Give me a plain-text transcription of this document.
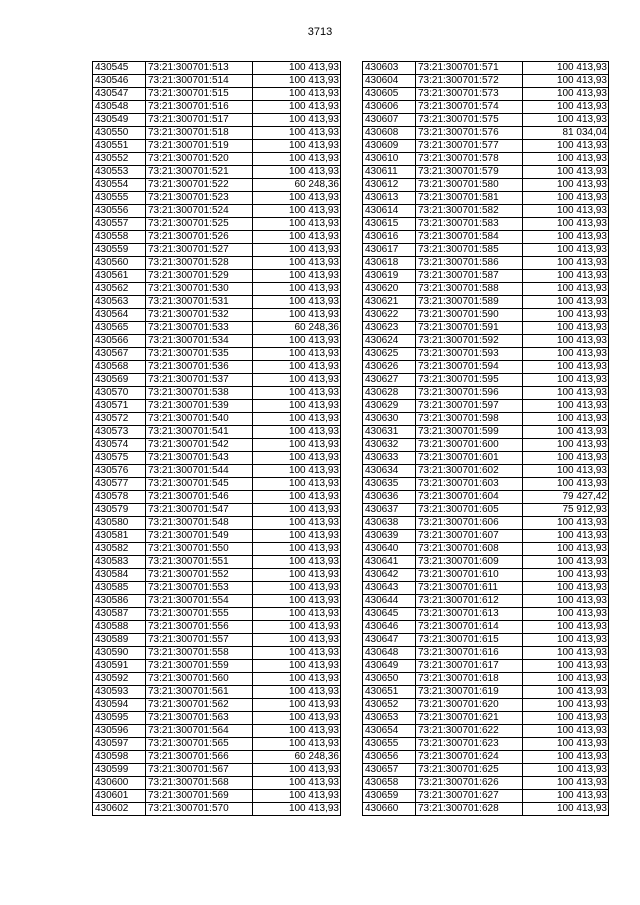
3713
430545	73:21:300701:513	100 413,93
430546	73:21:300701:514	100 413,93
430547	73:21:300701:515	100 413,93
430548	73:21:300701:516	100 413,93
430549	73:21:300701:517	100 413,93
430550	73:21:300701:518	100 413,93
430551	73:21:300701:519	100 413,93
430552	73:21:300701:520	100 413,93
430553	73:21:300701:521	100 413,93
430554	73:21:300701:522	60 248,36
430555	73:21:300701:523	100 413,93
430556	73:21:300701:524	100 413,93
430557	73:21:300701:525	100 413,93
430558	73:21:300701:526	100 413,93
430559	73:21:300701:527	100 413,93
430560	73:21:300701:528	100 413,93
430561	73:21:300701:529	100 413,93
430562	73:21:300701:530	100 413,93
430563	73:21:300701:531	100 413,93
430564	73:21:300701:532	100 413,93
430565	73:21:300701:533	60 248,36
430566	73:21:300701:534	100 413,93
430567	73:21:300701:535	100 413,93
430568	73:21:300701:536	100 413,93
430569	73:21:300701:537	100 413,93
430570	73:21:300701:538	100 413,93
430571	73:21:300701:539	100 413,93
430572	73:21:300701:540	100 413,93
430573	73:21:300701:541	100 413,93
430574	73:21:300701:542	100 413,93
430575	73:21:300701:543	100 413,93
430576	73:21:300701:544	100 413,93
430577	73:21:300701:545	100 413,93
430578	73:21:300701:546	100 413,93
430579	73:21:300701:547	100 413,93
430580	73:21:300701:548	100 413,93
430581	73:21:300701:549	100 413,93
430582	73:21:300701:550	100 413,93
430583	73:21:300701:551	100 413,93
430584	73:21:300701:552	100 413,93
430585	73:21:300701:553	100 413,93
430586	73:21:300701:554	100 413,93
430587	73:21:300701:555	100 413,93
430588	73:21:300701:556	100 413,93
430589	73:21:300701:557	100 413,93
430590	73:21:300701:558	100 413,93
430591	73:21:300701:559	100 413,93
430592	73:21:300701:560	100 413,93
430593	73:21:300701:561	100 413,93
430594	73:21:300701:562	100 413,93
430595	73:21:300701:563	100 413,93
430596	73:21:300701:564	100 413,93
430597	73:21:300701:565	100 413,93
430598	73:21:300701:566	60 248,36
430599	73:21:300701:567	100 413,93
430600	73:21:300701:568	100 413,93
430601	73:21:300701:569	100 413,93
430602	73:21:300701:570	100 413,93
430603	73:21:300701:571	100 413,93
430604	73:21:300701:572	100 413,93
430605	73:21:300701:573	100 413,93
430606	73:21:300701:574	100 413,93
430607	73:21:300701:575	100 413,93
430608	73:21:300701:576	81 034,04
430609	73:21:300701:577	100 413,93
430610	73:21:300701:578	100 413,93
430611	73:21:300701:579	100 413,93
430612	73:21:300701:580	100 413,93
430613	73:21:300701:581	100 413,93
430614	73:21:300701:582	100 413,93
430615	73:21:300701:583	100 413,93
430616	73:21:300701:584	100 413,93
430617	73:21:300701:585	100 413,93
430618	73:21:300701:586	100 413,93
430619	73:21:300701:587	100 413,93
430620	73:21:300701:588	100 413,93
430621	73:21:300701:589	100 413,93
430622	73:21:300701:590	100 413,93
430623	73:21:300701:591	100 413,93
430624	73:21:300701:592	100 413,93
430625	73:21:300701:593	100 413,93
430626	73:21:300701:594	100 413,93
430627	73:21:300701:595	100 413,93
430628	73:21:300701:596	100 413,93
430629	73:21:300701:597	100 413,93
430630	73:21:300701:598	100 413,93
430631	73:21:300701:599	100 413,93
430632	73:21:300701:600	100 413,93
430633	73:21:300701:601	100 413,93
430634	73:21:300701:602	100 413,93
430635	73:21:300701:603	100 413,93
430636	73:21:300701:604	79 427,42
430637	73:21:300701:605	75 912,93
430638	73:21:300701:606	100 413,93
430639	73:21:300701:607	100 413,93
430640	73:21:300701:608	100 413,93
430641	73:21:300701:609	100 413,93
430642	73:21:300701:610	100 413,93
430643	73:21:300701:611	100 413,93
430644	73:21:300701:612	100 413,93
430645	73:21:300701:613	100 413,93
430646	73:21:300701:614	100 413,93
430647	73:21:300701:615	100 413,93
430648	73:21:300701:616	100 413,93
430649	73:21:300701:617	100 413,93
430650	73:21:300701:618	100 413,93
430651	73:21:300701:619	100 413,93
430652	73:21:300701:620	100 413,93
430653	73:21:300701:621	100 413,93
430654	73:21:300701:622	100 413,93
430655	73:21:300701:623	100 413,93
430656	73:21:300701:624	100 413,93
430657	73:21:300701:625	100 413,93
430658	73:21:300701:626	100 413,93
430659	73:21:300701:627	100 413,93
430660	73:21:300701:628	100 413,93
